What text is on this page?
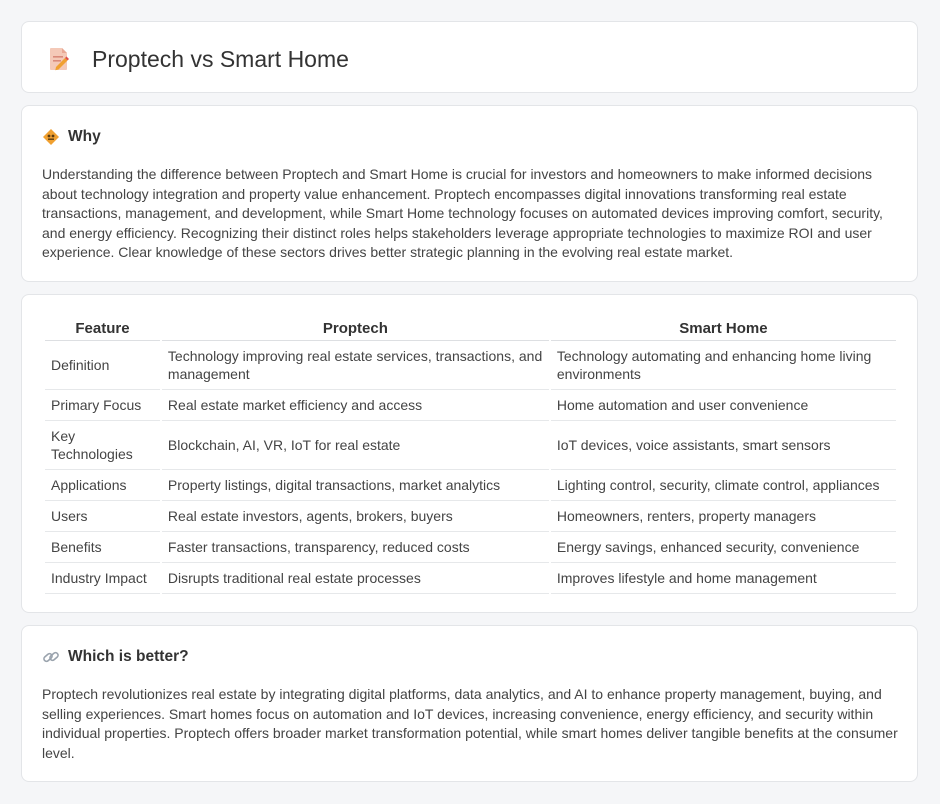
Proptech vs Smart Home
Why

Understanding the difference between Proptech and Smart Home is crucial for investors and homeowners to make informed decisions about technology integration and property value enhancement. Proptech encompasses digital innovations transforming real estate transactions, management, and development, while Smart Home technology focuses on automated devices improving comfort, security, and energy efficiency. Recognizing their distinct roles helps stakeholders leverage appropriate technologies to maximize ROI and user experience. Clear knowledge of these sectors drives better strategic planning in the evolving real estate market.

Feature	Proptech	Smart Home
Definition	Technology improving real estate services, transactions, and management	Technology automating and enhancing home living environments
Primary Focus	Real estate market efficiency and access	Home automation and user convenience
Key Technologies	Blockchain, AI, VR, IoT for real estate	IoT devices, voice assistants, smart sensors
Applications	Property listings, digital transactions, market analytics	Lighting control, security, climate control, appliances
Users	Real estate investors, agents, brokers, buyers	Homeowners, renters, property managers
Benefits	Faster transactions, transparency, reduced costs	Energy savings, enhanced security, convenience
Industry Impact	Disrupts traditional real estate processes	Improves lifestyle and home management
Which is better?

Proptech revolutionizes real estate by integrating digital platforms, data analytics, and AI to enhance property management, buying, and selling experiences. Smart homes focus on automation and IoT devices, increasing convenience, energy efficiency, and security within individual properties. Proptech offers broader market transformation potential, while smart homes deliver tangible benefits at the consumer level.
